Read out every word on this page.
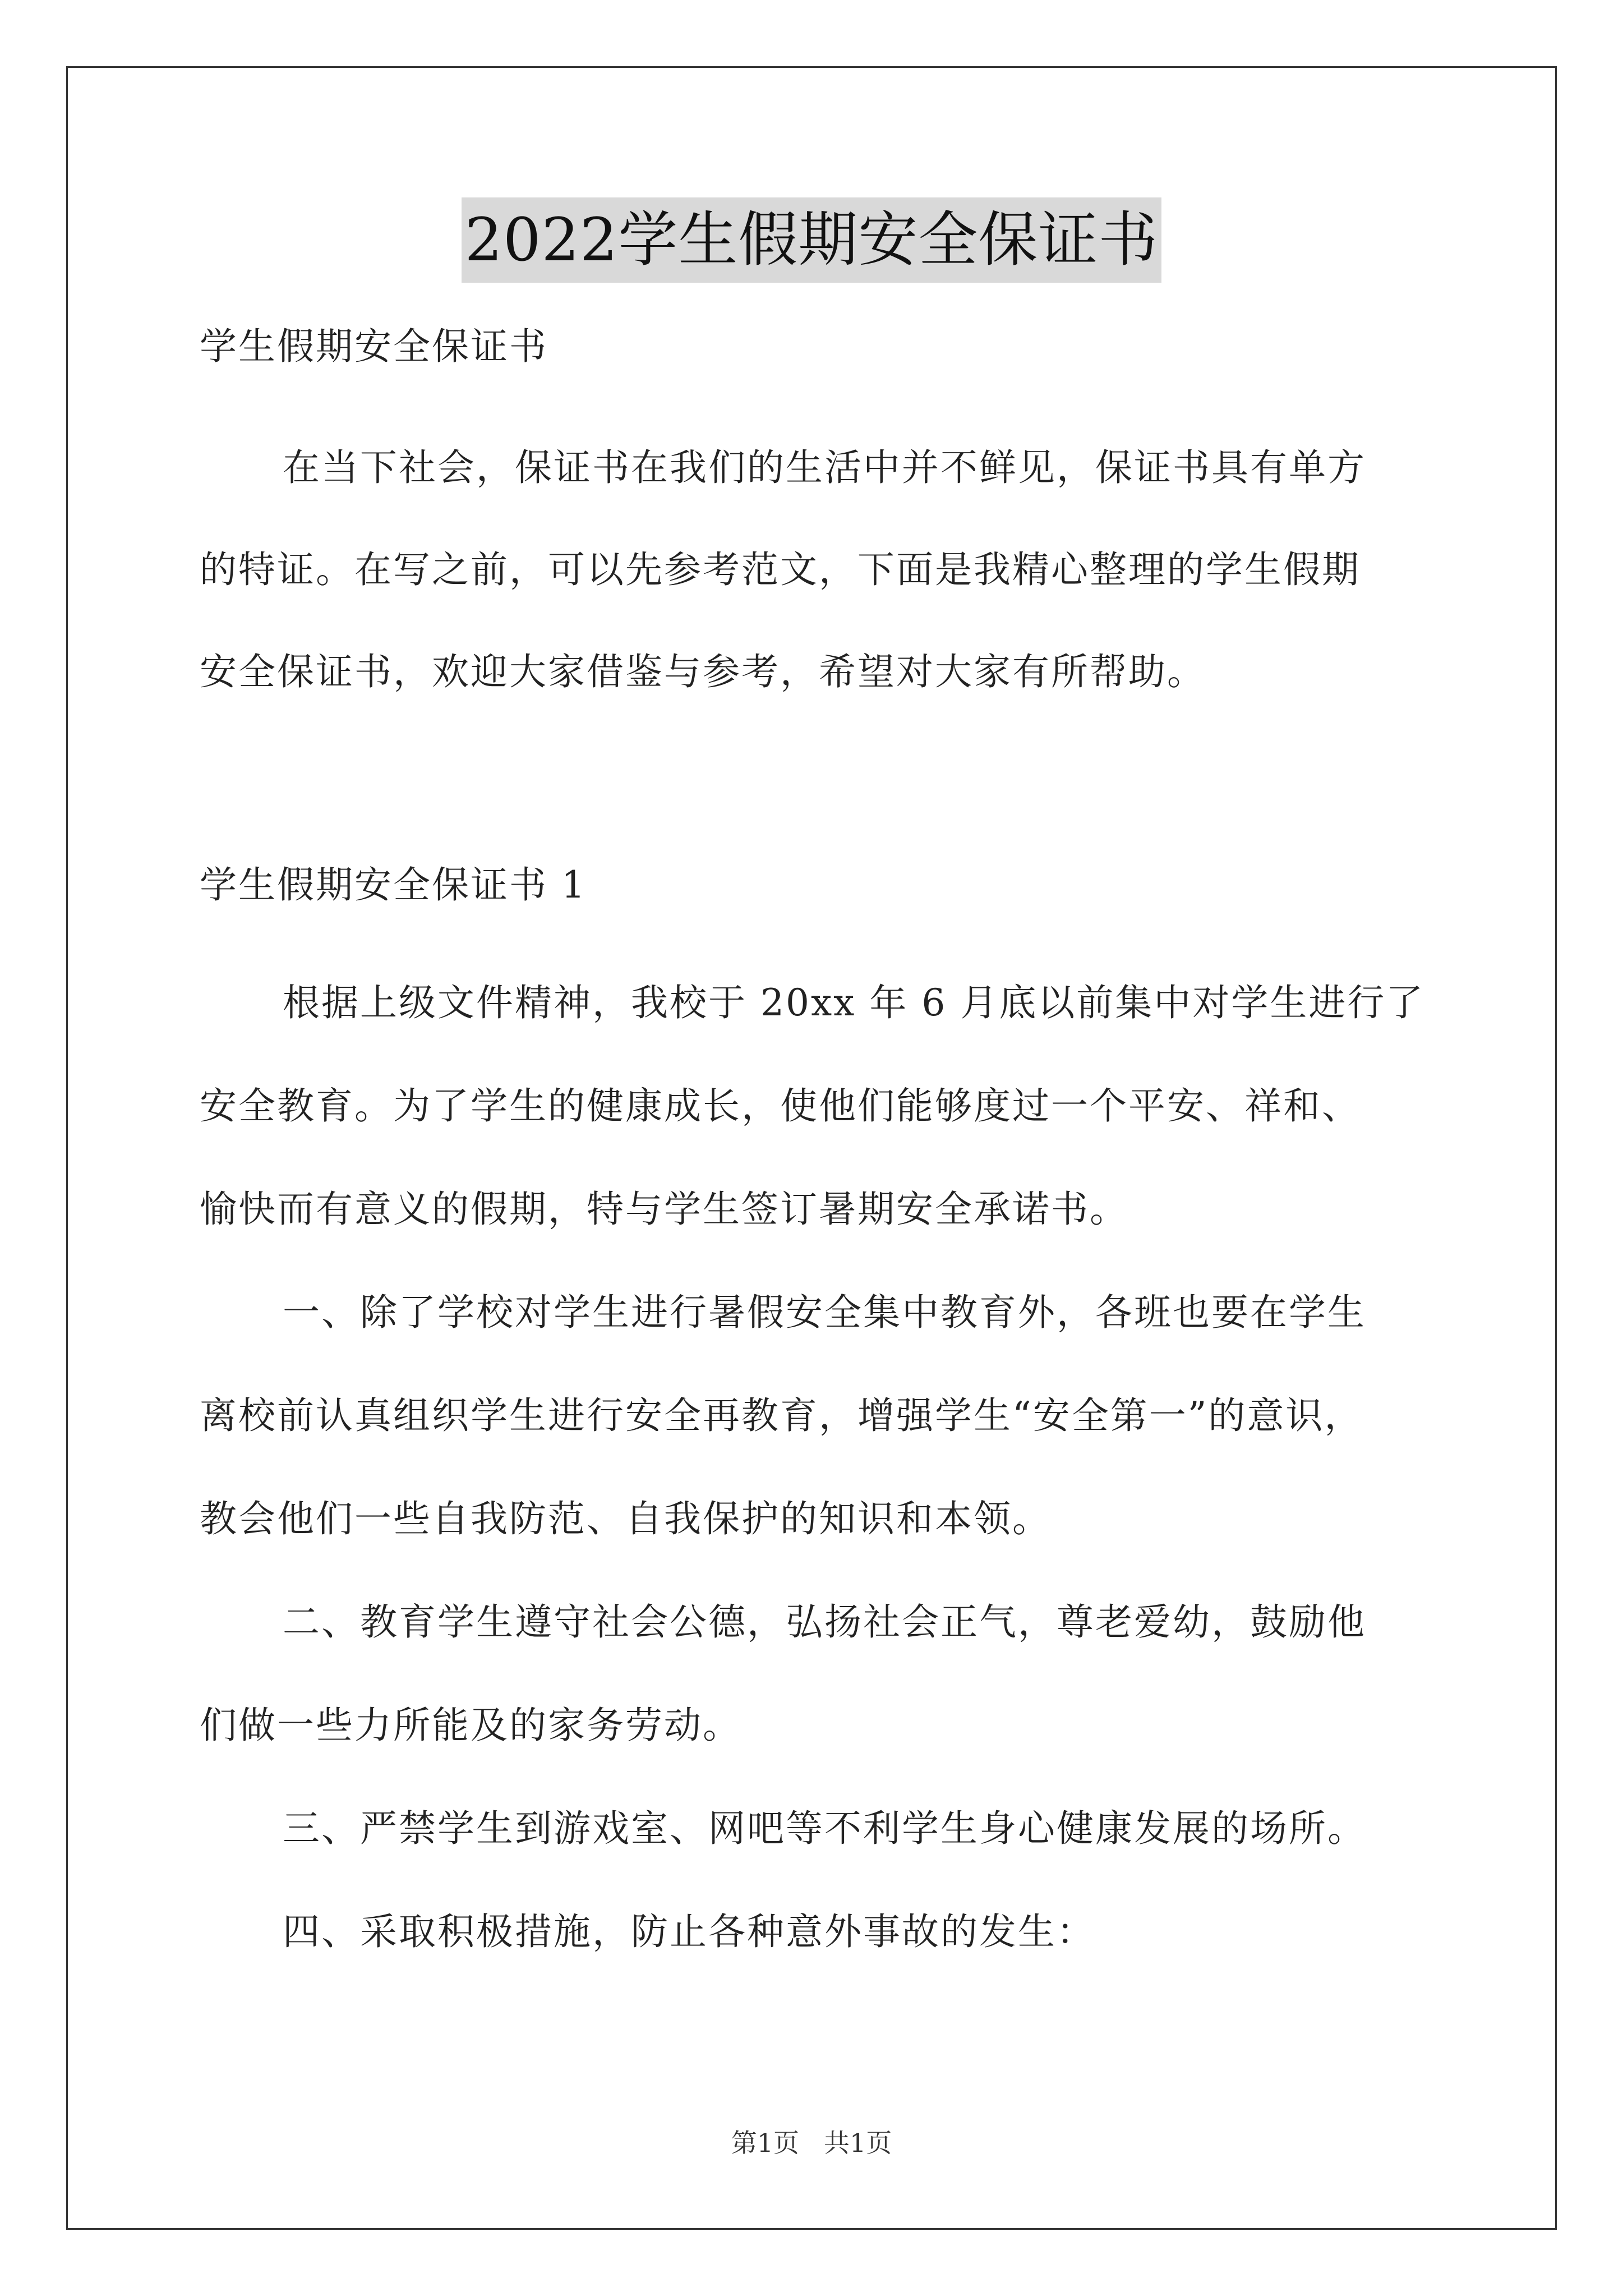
2022学生假期安全保证书

学生假期安全保证书

在当下社会，保证书在我们的生活中并不鲜见，保证书具有单方

的特证。在写之前，可以先参考范文，下面是我精心整理的学生假期

安全保证书，欢迎大家借鉴与参考，希望对大家有所帮助。

学生假期安全保证书 1

根据上级文件精神，我校于 20xx 年 6 月底以前集中对学生进行了

安全教育。为了学生的健康成长，使他们能够度过一个平安、祥和、

愉快而有意义的假期，特与学生签订暑期安全承诺书。

一、除了学校对学生进行暑假安全集中教育外，各班也要在学生

离校前认真组织学生进行安全再教育，增强学生“安全第一”的意识，

教会他们一些自我防范、自我保护的知识和本领。

二、教育学生遵守社会公德，弘扬社会正气，尊老爱幼，鼓励他

们做一些力所能及的家务劳动。

三、严禁学生到游戏室、网吧等不利学生身心健康发展的场所。

四、采取积极措施，防止各种意外事故的发生：

第1页 共1页
